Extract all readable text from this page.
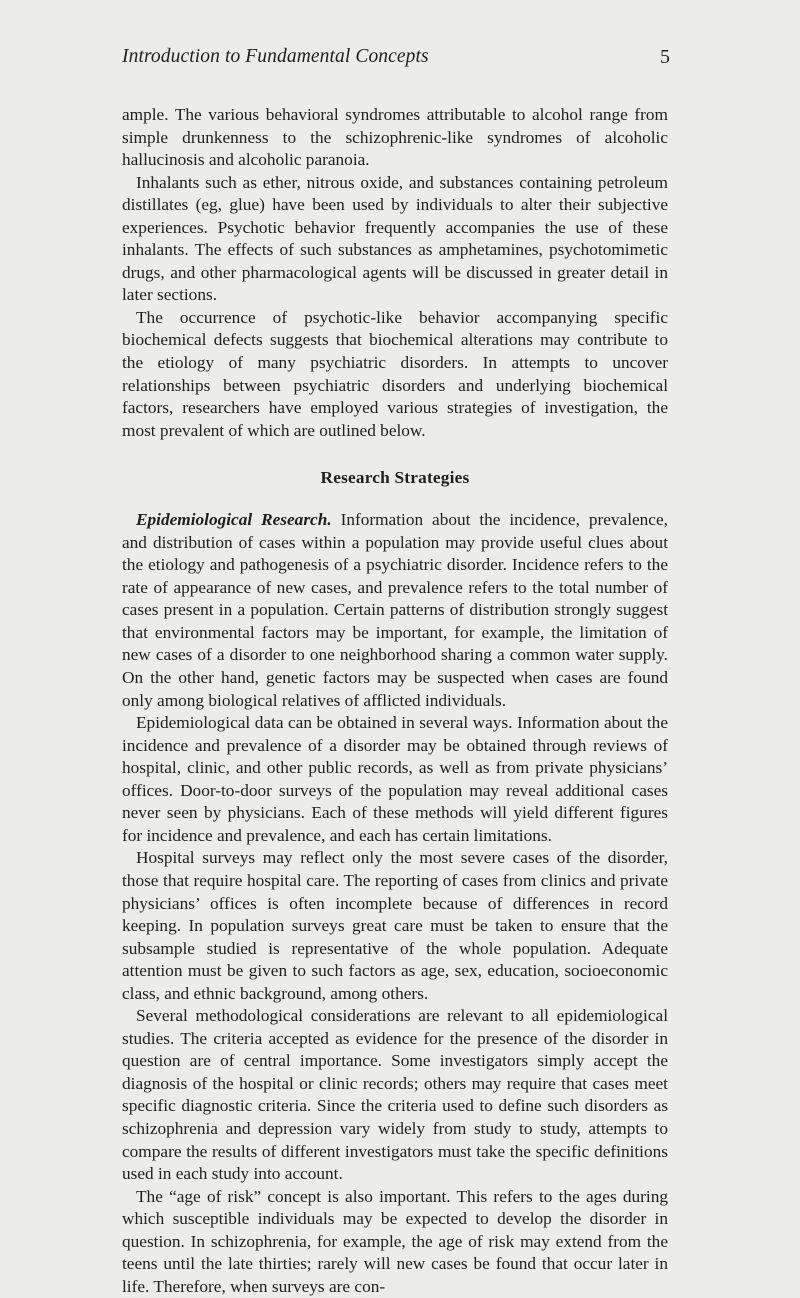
Introduction to Fundamental Concepts	5

ample. The various behavioral syndromes attributable to alcohol range from simple drunkenness to the schizophrenic-like syndromes of alcoholic hallucinosis and alcoholic paranoia.

Inhalants such as ether, nitrous oxide, and substances containing petroleum distillates (eg, glue) have been used by individuals to alter their subjective experiences. Psychotic behavior frequently accompanies the use of these inhalants. The effects of such substances as amphetamines, psychotomimetic drugs, and other pharmacological agents will be discussed in greater detail in later sections.

The occurrence of psychotic-like behavior accompanying specific biochemical defects suggests that biochemical alterations may contribute to the etiology of many psychiatric disorders. In attempts to uncover relationships between psychiatric disorders and underlying biochemical factors, researchers have employed various strategies of investigation, the most prevalent of which are outlined below.

Research Strategies

Epidemiological Research. Information about the incidence, prevalence, and distribution of cases within a population may provide useful clues about the etiology and pathogenesis of a psychiatric disorder. Incidence refers to the rate of appearance of new cases, and prevalence refers to the total number of cases present in a population. Certain patterns of distribution strongly suggest that environmental factors may be important, for example, the limitation of new cases of a disorder to one neighborhood sharing a common water supply. On the other hand, genetic factors may be suspected when cases are found only among biological relatives of afflicted individuals.

Epidemiological data can be obtained in several ways. Information about the incidence and prevalence of a disorder may be obtained through reviews of hospital, clinic, and other public records, as well as from private physicians’ offices. Door-to-door surveys of the population may reveal additional cases never seen by physicians. Each of these methods will yield different figures for incidence and prevalence, and each has certain limitations.

Hospital surveys may reflect only the most severe cases of the disorder, those that require hospital care. The reporting of cases from clinics and private physicians’ offices is often incomplete because of differences in record keeping. In population surveys great care must be taken to ensure that the subsample studied is representative of the whole population. Adequate attention must be given to such factors as age, sex, education, socioeconomic class, and ethnic background, among others.

Several methodological considerations are relevant to all epidemiological studies. The criteria accepted as evidence for the presence of the disorder in question are of central importance. Some investigators simply accept the diagnosis of the hospital or clinic records; others may require that cases meet specific diagnostic criteria. Since the criteria used to define such disorders as schizophrenia and depression vary widely from study to study, attempts to compare the results of different investigators must take the specific definitions used in each study into account.

The “age of risk” concept is also important. This refers to the ages during which susceptible individuals may be expected to develop the disorder in question. In schizophrenia, for example, the age of risk may extend from the teens until the late thirties; rarely will new cases be found that occur later in life. Therefore, when surveys are con-
